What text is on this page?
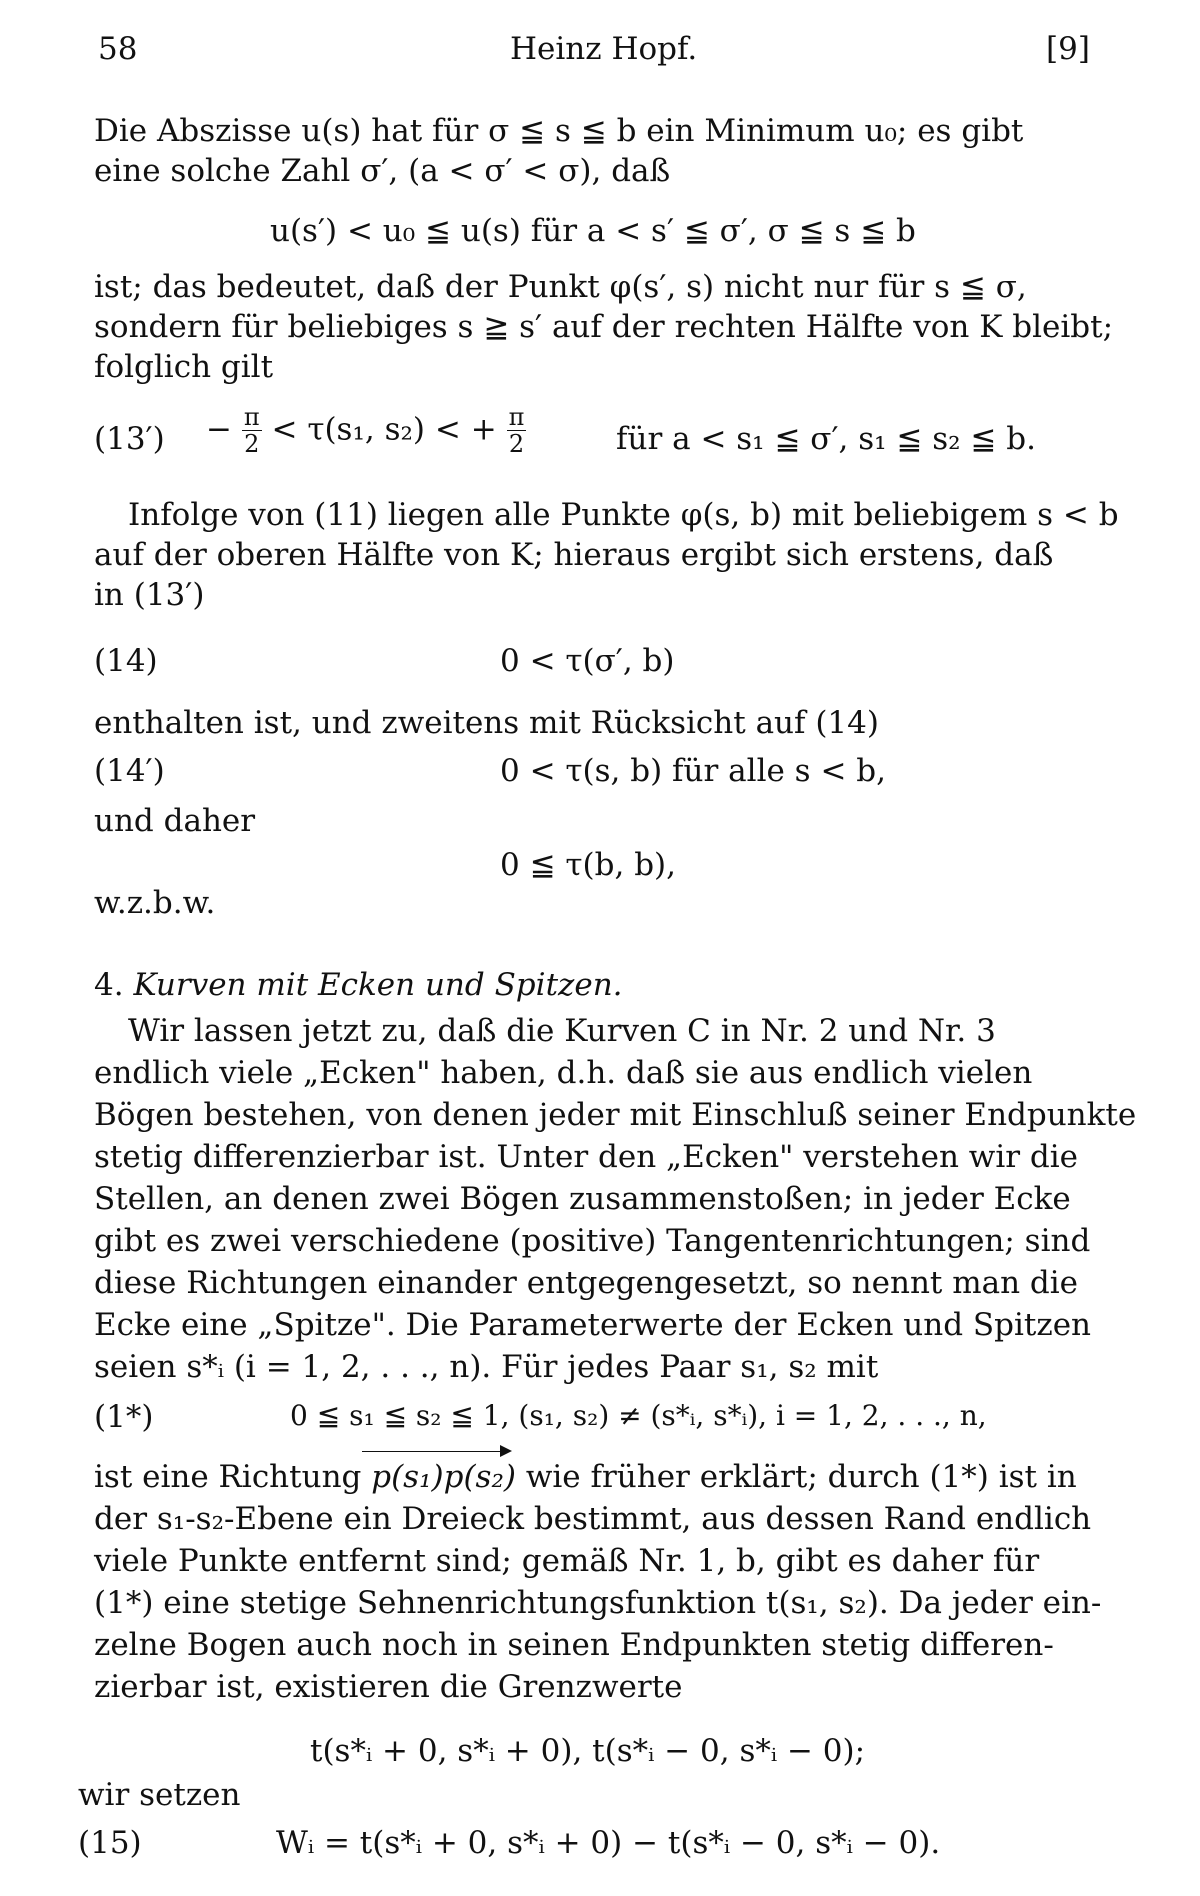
58	Heinz Hopf.	[9]
Die Abszisse u(s) hat für σ ≦ s ≦ b ein Minimum u₀; es gibt
eine solche Zahl σ′, (a < σ′ < σ), daß
u(s′) < u₀ ≦ u(s) für a < s′ ≦ σ′, σ ≦ s ≦ b
ist; das bedeutet, daß der Punkt φ(s′, s) nicht nur für s ≦ σ,
sondern für beliebiges s ≧ s′ auf der rechten Hälfte von K bleibt;
folglich gilt
$(13') - \frac{\pi}{2} < \tau(s_1$, s₂) < + $\frac{\pi}{2}$	für a < s₁ ≦ σ′, s₁ ≦ s₂ ≦ b.
Infolge von (11) liegen alle Punkte φ(s, b) mit beliebigem s < b
auf der oberen Hälfte von K; hieraus ergibt sich erstens, daß
in (13′)
(14)	0 < τ(σ′, b)
enthalten ist, und zweitens mit Rücksicht auf (14)
(14′)	0 < τ(s, b) für alle s < b,
und daher
0 ≦ τ(b, b),
w.z.b.w.
4. Kurven mit Ecken und Spitzen.
Wir lassen jetzt zu, daß die Kurven C in Nr. 2 und Nr. 3
endlich viele „Ecken" haben, d.h. daß sie aus endlich vielen
Bögen bestehen, von denen jeder mit Einschluß seiner Endpunkte
stetig differenzierbar ist. Unter den „Ecken" verstehen wir die
Stellen, an denen zwei Bögen zusammenstoßen; in jeder Ecke
gibt es zwei verschiedene (positive) Tangentenrichtungen; sind
diese Richtungen einander entgegengesetzt, so nennt man die
Ecke eine „Spitze". Die Parameterwerte der Ecken und Spitzen
seien s*ᵢ (i = 1, 2, . . ., n). Für jedes Paar s₁, s₂ mit
(1*)	0 ≦ s₁ ≦ s₂ ≦ 1, (s₁, s₂) ≠ (s*ᵢ, s*ᵢ), i = 1, 2, . . ., n,
ist eine Richtung p(s₁)p(s₂) wie früher erklärt; durch (1*) ist in
der s₁-s₂-Ebene ein Dreieck bestimmt, aus dessen Rand endlich
viele Punkte entfernt sind; gemäß Nr. 1, b, gibt es daher für
(1*) eine stetige Sehnenrichtungsfunktion t(s₁, s₂). Da jeder ein-
zelne Bogen auch noch in seinen Endpunkten stetig differen-
zierbar ist, existieren die Grenzwerte
t(s*ᵢ + 0, s*ᵢ + 0), t(s*ᵢ − 0, s*ᵢ − 0);
wir setzen
(15)	Wᵢ = t(s*ᵢ + 0, s*ᵢ + 0) − t(s*ᵢ − 0, s*ᵢ − 0).
